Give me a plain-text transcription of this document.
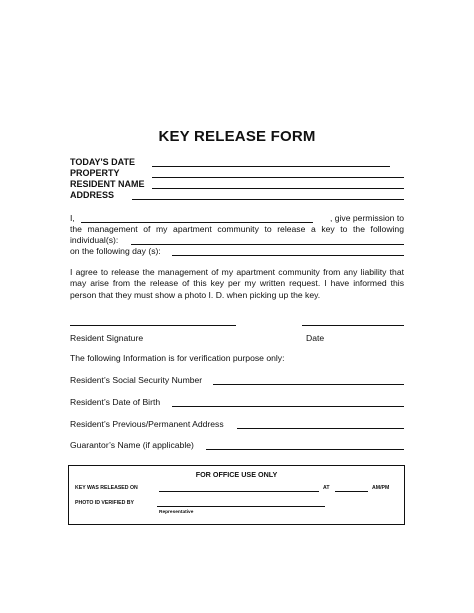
KEY RELEASE FORM
TODAY'S DATE
PROPERTY
RESIDENT NAME
ADDRESS
I,	, give permission to
the management of my apartment community to release a key to the following
individual(s):
on the following day (s):
I agree to release the management of my apartment community from any liability that may arise from the release of this key per my written request. I have informed this person that they must show a photo I. D. when picking up the key.
Resident Signature	Date
The following Information is for verification purpose only:
Resident’s Social Security Number
Resident’s Date of Birth
Resident’s Previous/Permanent Address
Guarantor’s Name (if applicable)
FOR OFFICE USE ONLY
KEY WAS RELEASED ON	AT	AM/PM
PHOTO ID VERIFIED BY
Representative
